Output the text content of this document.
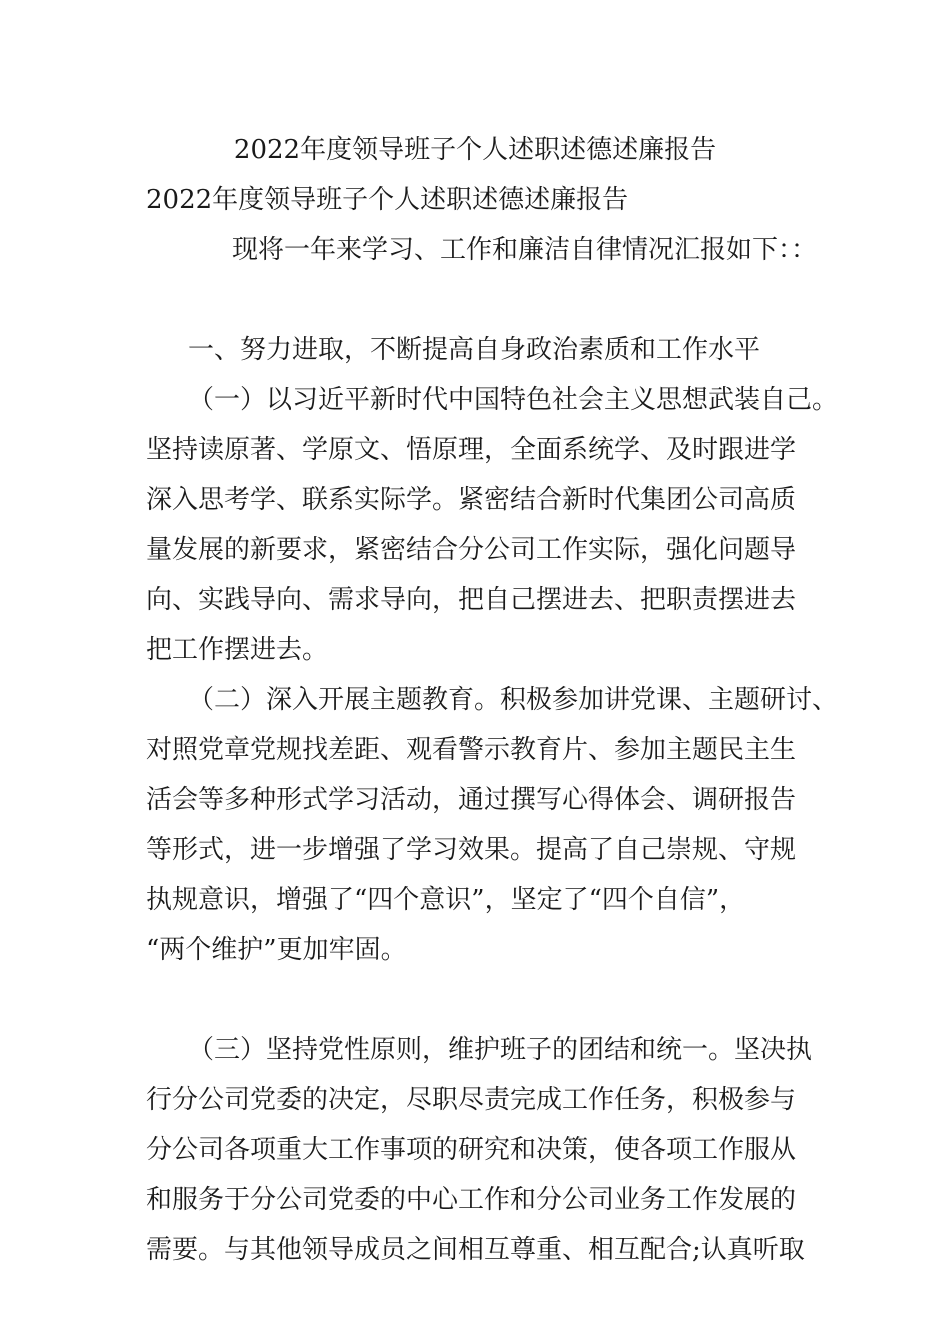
2022年度领导班子个人述职述德述廉报告
2022年度领导班子个人述职述德述廉报告
现将一年来学习、工作和廉洁自律情况汇报如下：：
一、努力进取，不断提高自身政治素质和工作水平
（一）以习近平新时代中国特色社会主义思想武装自己。
坚持读原著、学原文、悟原理，全面系统学、及时跟进学
深入思考学、联系实际学。紧密结合新时代集团公司高质
量发展的新要求，紧密结合分公司工作实际，强化问题导
向、实践导向、需求导向，把自己摆进去、把职责摆进去
把工作摆进去。
（二）深入开展主题教育。积极参加讲党课、主题研讨、
对照党章党规找差距、观看警示教育片、参加主题民主生
活会等多种形式学习活动，通过撰写心得体会、调研报告
等形式，进一步增强了学习效果。提高了自己崇规、守规
执规意识，增强了“四个意识”，坚定了“四个自信”，
“两个维护”更加牢固。
（三）坚持党性原则，维护班子的团结和统一。坚决执
行分公司党委的决定，尽职尽责完成工作任务，积极参与
分公司各项重大工作事项的研究和决策，使各项工作服从
和服务于分公司党委的中心工作和分公司业务工作发展的
需要。与其他领导成员之间相互尊重、相互配合;认真听取
